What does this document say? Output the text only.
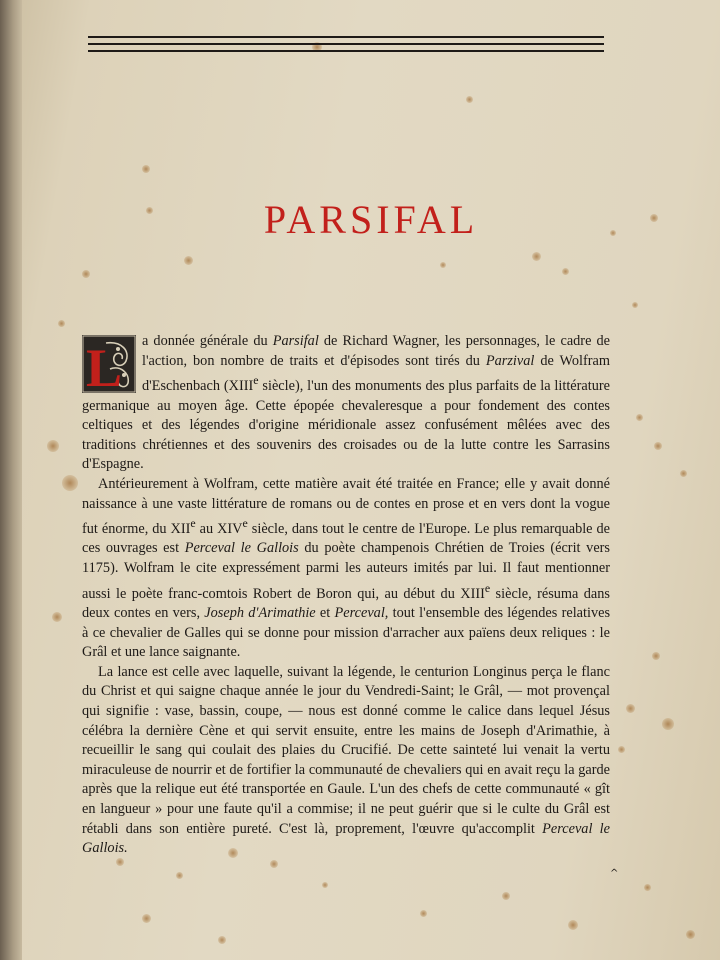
PARSIFAL

L a donnée générale du Parsifal de Richard Wagner, les personnages, le cadre de l'action, bon nombre de traits et d'épisodes sont tirés du Parzival de Wolfram d'Eschenbach (XIIIe siècle), l'un des monuments des plus parfaits de la littérature germanique au moyen âge. Cette épopée chevaleresque a pour fondement des contes celtiques et des légendes d'origine méridionale assez confusément mêlées avec des traditions chrétiennes et des souvenirs des croisades ou de la lutte contre les Sarrasins d'Espagne.

Antérieurement à Wolfram, cette matière avait été traitée en France; elle y avait donné naissance à une vaste littérature de romans ou de contes en prose et en vers dont la vogue fut énorme, du XIIe au XIVe siècle, dans tout le centre de l'Europe. Le plus remarquable de ces ouvrages est Perceval le Gallois du poète champenois Chrétien de Troies (écrit vers 1175). Wolfram le cite expressément parmi les auteurs imités par lui. Il faut mentionner aussi le poète franc-comtois Robert de Boron qui, au début du XIIIe siècle, résuma dans deux contes en vers, Joseph d'Arimathie et Perceval, tout l'ensemble des légendes relatives à ce chevalier de Galles qui se donne pour mission d'arracher aux païens deux reliques : le Grâl et une lance saignante.

La lance est celle avec laquelle, suivant la légende, le centurion Longinus perça le flanc du Christ et qui saigne chaque année le jour du Vendredi-Saint; le Grâl, — mot provençal qui signifie : vase, bassin, coupe, — nous est donné comme le calice dans lequel Jésus célébra la dernière Cène et qui servit ensuite, entre les mains de Joseph d'Arimathie, à recueillir le sang qui coulait des plaies du Crucifié. De cette sainteté lui venait la vertu miraculeuse de nourrir et de fortifier la communauté de chevaliers qui en avait reçu la garde après que la relique eut été transportée en Gaule. L'un des chefs de cette communauté « gît en langueur » pour une faute qu'il a commise; il ne peut guérir que si le culte du Grâl est rétabli dans son entière pureté. C'est là, proprement, l'œuvre qu'accomplit Perceval le Gallois.

^
